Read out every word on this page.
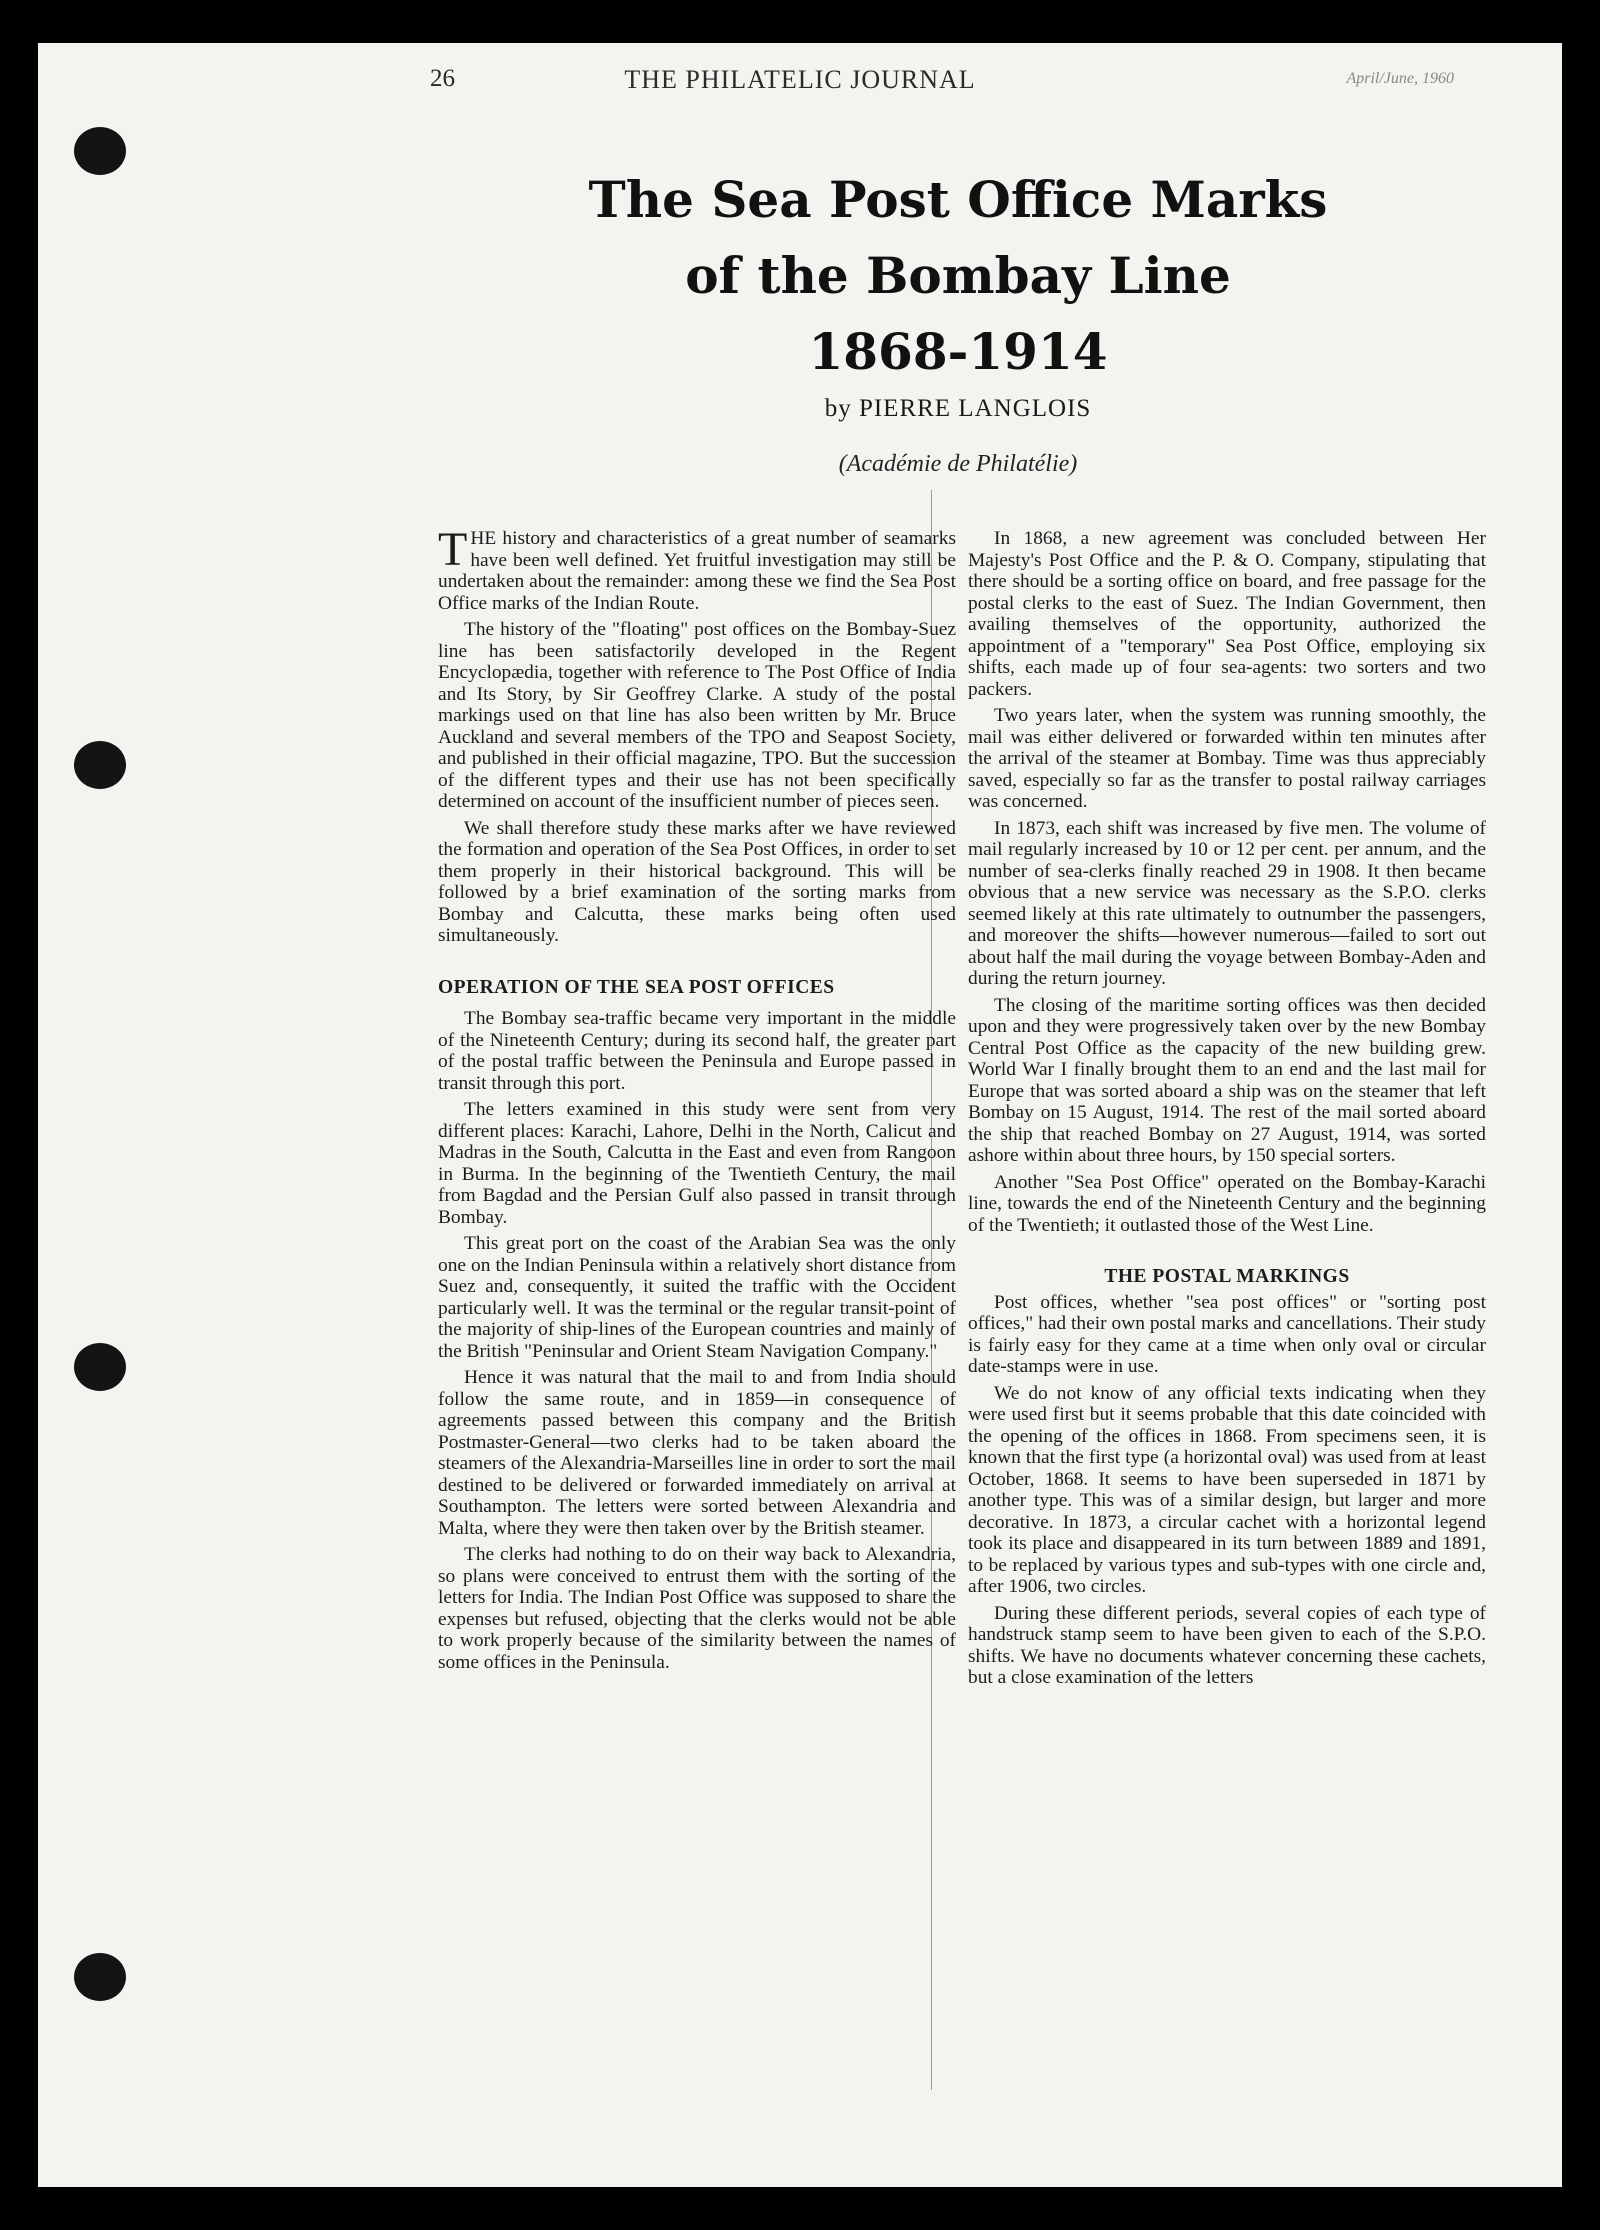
26	THE PHILATELIC JOURNAL	April/June, 1960
The Sea Post Office Marks
of the Bombay Line
1868-1914
by PIERRE LANGLOIS
(Académie de Philatélie)

THE history and characteristics of a great number of seamarks have been well defined. Yet fruitful investigation may still be undertaken about the remainder: among these we find the Sea Post Office marks of the Indian Route.

The history of the "floating" post offices on the Bombay-Suez line has been satisfactorily developed in the Regent Encyclopædia, together with reference to The Post Office of India and Its Story, by Sir Geoffrey Clarke. A study of the postal markings used on that line has also been written by Mr. Bruce Auckland and several members of the TPO and Seapost Society, and published in their official magazine, TPO. But the succession of the different types and their use has not been specifically determined on account of the insufficient number of pieces seen.

We shall therefore study these marks after we have reviewed the formation and operation of the Sea Post Offices, in order to set them properly in their historical background. This will be followed by a brief examination of the sorting marks from Bombay and Calcutta, these marks being often used simultaneously.

OPERATION OF THE SEA POST OFFICES

The Bombay sea-traffic became very important in the middle of the Nineteenth Century; during its second half, the greater part of the postal traffic between the Peninsula and Europe passed in transit through this port.

The letters examined in this study were sent from very different places: Karachi, Lahore, Delhi in the North, Calicut and Madras in the South, Calcutta in the East and even from Rangoon in Burma. In the beginning of the Twentieth Century, the mail from Bagdad and the Persian Gulf also passed in transit through Bombay.

This great port on the coast of the Arabian Sea was the only one on the Indian Peninsula within a relatively short distance from Suez and, consequently, it suited the traffic with the Occident particularly well. It was the terminal or the regular transit-point of the majority of ship-lines of the European countries and mainly of the British "Peninsular and Orient Steam Navigation Company."

Hence it was natural that the mail to and from India should follow the same route, and in 1859—in consequence of agreements passed between this company and the British Postmaster-General—two clerks had to be taken aboard the steamers of the Alexandria-Marseilles line in order to sort the mail destined to be delivered or forwarded immediately on arrival at Southampton. The letters were sorted between Alexandria and Malta, where they were then taken over by the British steamer.

The clerks had nothing to do on their way back to Alexandria, so plans were conceived to entrust them with the sorting of the letters for India. The Indian Post Office was supposed to share the expenses but refused, objecting that the clerks would not be able to work properly because of the similarity between the names of some offices in the Peninsula.

In 1868, a new agreement was concluded between Her Majesty's Post Office and the P. & O. Company, stipulating that there should be a sorting office on board, and free passage for the postal clerks to the east of Suez. The Indian Government, then availing themselves of the opportunity, authorized the appointment of a "temporary" Sea Post Office, employing six shifts, each made up of four sea-agents: two sorters and two packers.

Two years later, when the system was running smoothly, the mail was either delivered or forwarded within ten minutes after the arrival of the steamer at Bombay. Time was thus appreciably saved, especially so far as the transfer to postal railway carriages was concerned.

In 1873, each shift was increased by five men. The volume of mail regularly increased by 10 or 12 per cent. per annum, and the number of sea-clerks finally reached 29 in 1908. It then became obvious that a new service was necessary as the S.P.O. clerks seemed likely at this rate ultimately to outnumber the passengers, and moreover the shifts—however numerous—failed to sort out about half the mail during the voyage between Bombay-Aden and during the return journey.

The closing of the maritime sorting offices was then decided upon and they were progressively taken over by the new Bombay Central Post Office as the capacity of the new building grew. World War I finally brought them to an end and the last mail for Europe that was sorted aboard a ship was on the steamer that left Bombay on 15 August, 1914. The rest of the mail sorted aboard the ship that reached Bombay on 27 August, 1914, was sorted ashore within about three hours, by 150 special sorters.

Another "Sea Post Office" operated on the Bombay-Karachi line, towards the end of the Nineteenth Century and the beginning of the Twentieth; it outlasted those of the West Line.

THE POSTAL MARKINGS

Post offices, whether "sea post offices" or "sorting post offices," had their own postal marks and cancellations. Their study is fairly easy for they came at a time when only oval or circular date-stamps were in use.

We do not know of any official texts indicating when they were used first but it seems probable that this date coincided with the opening of the offices in 1868. From specimens seen, it is known that the first type (a horizontal oval) was used from at least October, 1868. It seems to have been superseded in 1871 by another type. This was of a similar design, but larger and more decorative. In 1873, a circular cachet with a horizontal legend took its place and disappeared in its turn between 1889 and 1891, to be replaced by various types and sub-types with one circle and, after 1906, two circles.

During these different periods, several copies of each type of handstruck stamp seem to have been given to each of the S.P.O. shifts. We have no documents whatever concerning these cachets, but a close examination of the letters
